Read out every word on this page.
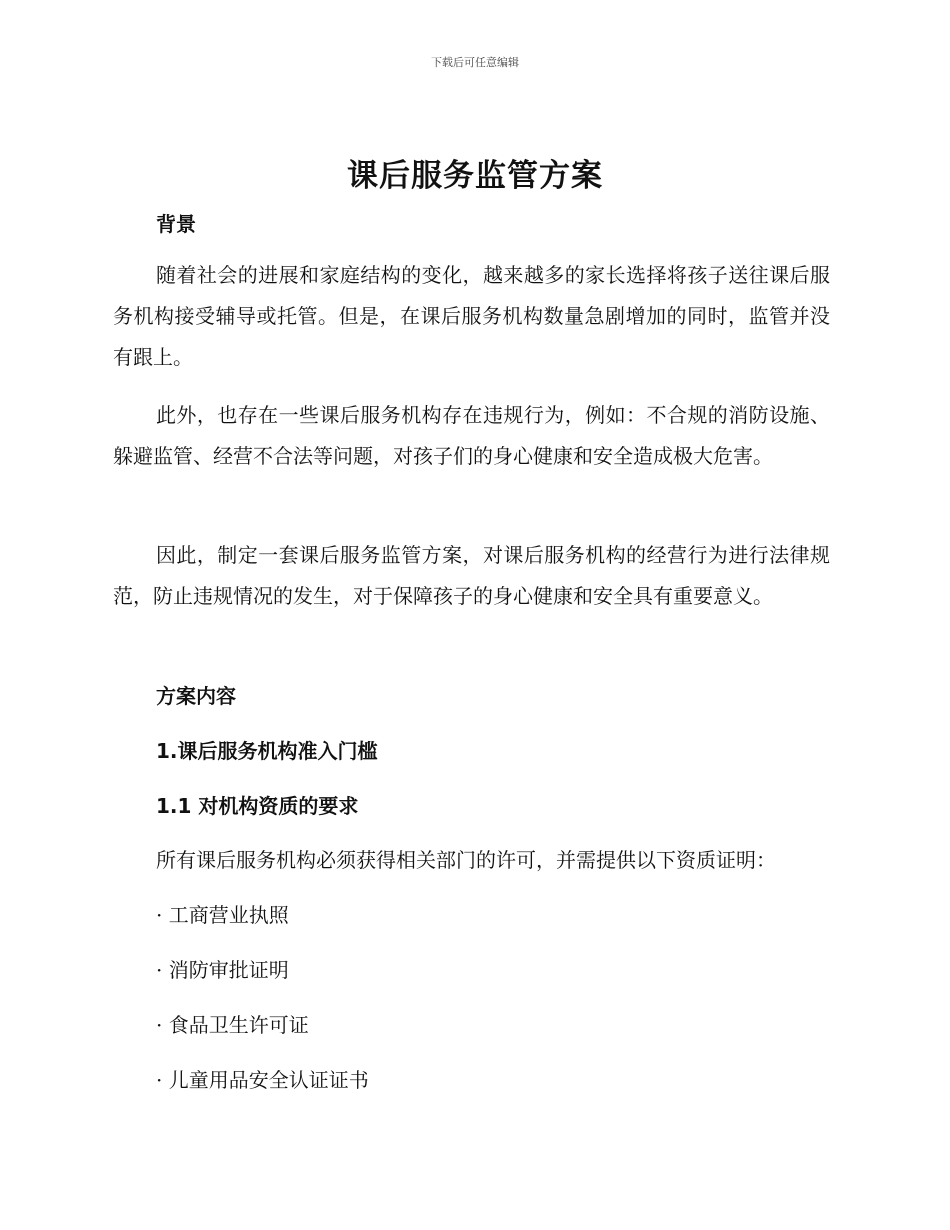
下载后可任意编辑
课后服务监管方案
背景
随着社会的进展和家庭结构的变化，越来越多的家长选择将孩子送往课后服务机构接受辅导或托管。但是，在课后服务机构数量急剧增加的同时，监管并没有跟上。
此外，也存在一些课后服务机构存在违规行为，例如：不合规的消防设施、躲避监管、经营不合法等问题，对孩子们的身心健康和安全造成极大危害。
因此，制定一套课后服务监管方案，对课后服务机构的经营行为进行法律规范，防止违规情况的发生，对于保障孩子的身心健康和安全具有重要意义。
方案内容
1.课后服务机构准入门槛
1.1 对机构资质的要求
所有课后服务机构必须获得相关部门的许可，并需提供以下资质证明：
· 工商营业执照
· 消防审批证明
· 食品卫生许可证
· 儿童用品安全认证证书
